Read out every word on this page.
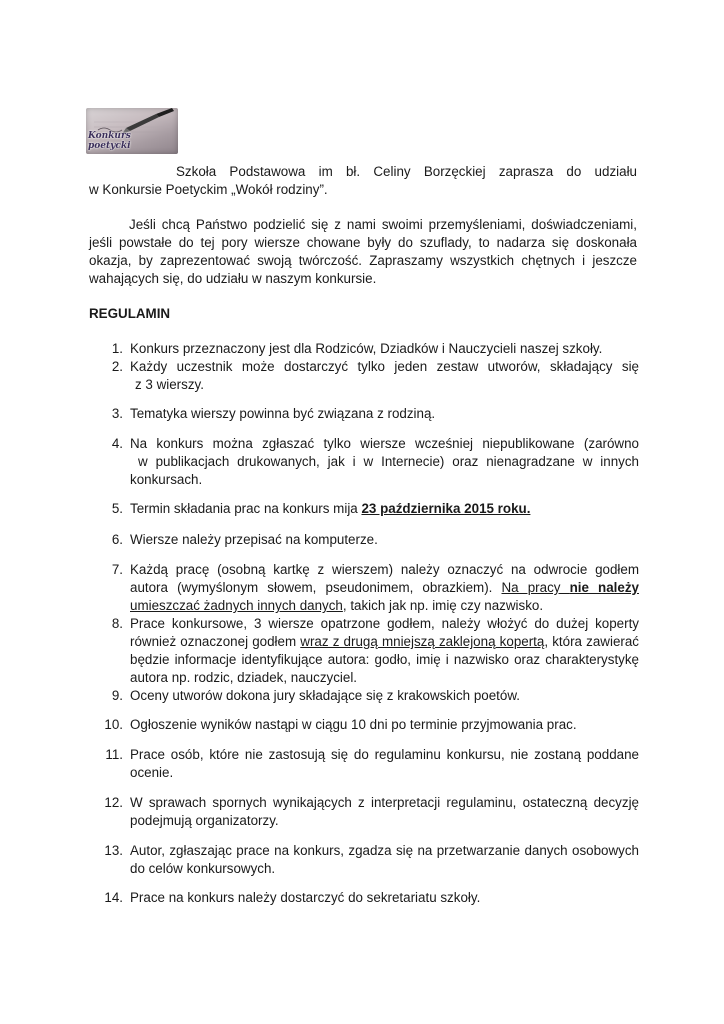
Konkurs poetycki

Szkoła Podstawowa im bł. Celiny Borzęckiej zaprasza do udziału

w Konkursie Poetyckim „Wokół rodziny”.

Jeśli chcą Państwo podzielić się z nami swoimi przemyśleniami, doświadczeniami, jeśli powstałe do tej pory wiersze chowane były do szuflady, to nadarza się doskonała okazja, by zaprezentować swoją twórczość. Zapraszamy wszystkich chętnych i jeszcze wahających się, do udziału w naszym konkursie.

REGULAMIN
1. Konkurs przeznaczony jest dla Rodziców, Dziadków i Nauczycieli naszej szkoły.
2. Każdy uczestnik może dostarczyć tylko jeden zestaw utworów, składający się
z 3 wierszy.
3. Tematyka wierszy powinna być związana z rodziną.
4. Na konkurs można zgłaszać tylko wiersze wcześniej niepublikowane (zarówno
w publikacjach drukowanych, jak i w Internecie) oraz nienagradzane w innych
konkursach.
5. Termin składania prac na konkurs mija 23 października 2015 roku.
6. Wiersze należy przepisać na komputerze.
7. Każdą pracę (osobną kartkę z wierszem) należy oznaczyć na odwrocie godłem autora (wymyślonym słowem, pseudonimem, obrazkiem). Na pracy nie należy umieszczać żadnych innych danych, takich jak np. imię czy nazwisko.
8. Prace konkursowe, 3 wiersze opatrzone godłem, należy włożyć do dużej koperty również oznaczonej godłem wraz z drugą mniejszą zaklejoną kopertą, która zawierać będzie informacje identyfikujące autora: godło, imię i nazwisko oraz charakterystykę autora np. rodzic, dziadek, nauczyciel.
9. Oceny utworów dokona jury składające się z krakowskich poetów.
10. Ogłoszenie wyników nastąpi w ciągu 10 dni po terminie przyjmowania prac.
11. Prace osób, które nie zastosują się do regulaminu konkursu, nie zostaną poddane ocenie.
12. W sprawach spornych wynikających z interpretacji regulaminu, ostateczną decyzję podejmują organizatorzy.
13. Autor, zgłaszając prace na konkurs, zgadza się na przetwarzanie danych osobowych do celów konkursowych.
14. Prace na konkurs należy dostarczyć do sekretariatu szkoły.
